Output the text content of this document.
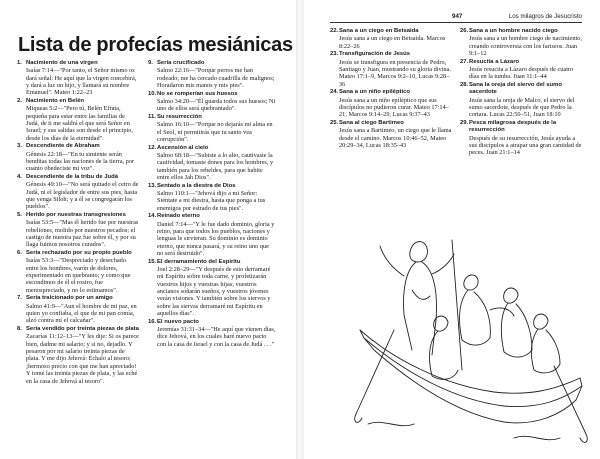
Lista de profecías mesiánicas
1. Nacimiento de una virgen
Isaías 7:14—"Por tanto, el Señor mismo os dará señal: He aquí que la virgen concebirá, y dará a luz un hijo, y llamará su nombre Emanuel". Mateo 1:22–23
2. Nacimiento en Belén
Miqueas 5:2—"Pero tú, Belén Efrata, pequeña para estar entre las familias de Judá, de ti me saldrá el que será Señor en Israel; y sus salidas son desde el principio, desde los días de la eternidad".
3. Descendiente de Abraham
Génesis 22:18—"En tu simiente serán benditas todas las naciones de la tierra, por cuanto obedeciste mi voz".
4. Descendiente de la tribu de Judá
Génesis 49:10—"No será quitado el cetro de Judá, ni el legislador de entre sus pies, hasta que venga Siloh; y a él se congregarán los pueblos".
5. Herido por nuestras transgresiones
Isaías 53:5—"Mas él herido fue por nuestras rebeliones, molido por nuestros pecados; el castigo de nuestra paz fue sobre él, y por su llaga fuimos nosotros curados".
6. Sería rechazado por su propio pueblo
Isaías 53:3—"Despreciado y desechado entre los hombres, varón de dolores, experimentado en quebranto; y como que escondimos de él el rostro, fue menospreciado, y no lo estimamos".
7. Sería traicionado por un amigo
Salmo 41:9—"Aun el hombre de mi paz, en quien yo confiaba, el que de mi pan comía, alzó contra mí el calcañar".
8. Sería vendido por treinta piezas de plata
Zacarías 11:12–13—"Y les dije: Si os parece bien, dadme mi salario; y si no, dejadlo. Y pesaron por mi salario treinta piezas de plata. Y me dijo Jehová: Échalo al tesoro; ¡hermoso precio con que me han apreciado! Y tomé las treinta piezas de plata, y las eché en la casa de Jehová al tesoro".
9. Sería crucificado
Salmo 22:16—"Porque perros me han rodeado; me ha cercado cuadrilla de malignos; Horadaron mis manos y mis pies".
10. No se romperían sus huesos
Salmo 34:20—"Él guarda todos sus huesos; Ni uno de ellos será quebrantado".
11. Su resurrección
Salmo 16:10—"Porque no dejarás mi alma en el Seol, ni permitirás que tu santo vea corrupción".
12. Ascensión al cielo
Salmo 68:18—"Subiste a lo alto, cautivaste la cautividad, tomaste dones para los hombres, y también para los rebeldes, para que habite entre ellos Jah Dios".
13. Sentado a la diestra de Dios
Salmo 110:1—"Jehová dijo a mi Señor: Siéntate a mi diestra, hasta que ponga a tus enemigos por estrado de tus pies".
14. Reinado eterno
Daniel 7:14—"Y le fue dado dominio, gloria y reino, para que todos los pueblos, naciones y lenguas le sirvieran. Su dominio es dominio eterno, que nunca pasará, y su reino uno que no será destruido".
15. El derramamiento del Espíritu
Joel 2:28–29—"Y después de esto derramaré mi Espíritu sobre toda carne, y profetizarán vuestros hijos y vuestras hijas; vuestros ancianos soñarán sueños, y vuestros jóvenes verán visiones. Y también sobre los siervos y sobre las siervas derramaré mi Espíritu en aquellos días".
16. El nuevo pacto
Jeremías 31:31–34—"He aquí que vienen días, dice Jehová, en los cuales haré nuevo pacto con la casa de Israel y con la casa de Judá . . ."
947	Los milagros de Jesucristo
22. Sana a un ciego en Betsaida
Jesús sana a un ciego en Betsaida. Marcos 8:22–26
23. Transfiguración de Jesús
Jesús se transfigura en presencia de Pedro, Santiago y Juan, mostrando su gloria divina. Mateo 17:1–9, Marcos 9:2–10, Lucas 9:28–36
24. Sana a un niño epiléptico
Jesús sana a un niño epiléptico que sus discípulos no pudieron curar. Mateo 17:14–21, Marcos 9:14–29, Lucas 9:37–43
25. Sana al ciego Bartimeo
Jesús sana a Bartimeo, un ciego que le llama desde el camino. Marcos 10:46–52, Mateo 20:29–34, Lucas 18:35–43
26. Sana a un hombre nacido ciego
Jesús sana a un hombre ciego de nacimiento, creando controversia con los fariseos. Juan 9:1–12
27. Resucita a Lázaro
Jesús resucita a Lázaro después de cuatro días en la tumba. Juan 11:1–44
28. Sana la oreja del siervo del sumo sacerdote
Jesús sana la oreja de Malco, el siervo del sumo sacerdote, después de que Pedro la cortara. Lucas 22:50–51, Juan 18:10
29. Pesca milagrosa después de la resurrección
Después de su resurrección, Jesús ayuda a sus discípulos a atrapar una gran cantidad de peces. Juan 21:1–14
